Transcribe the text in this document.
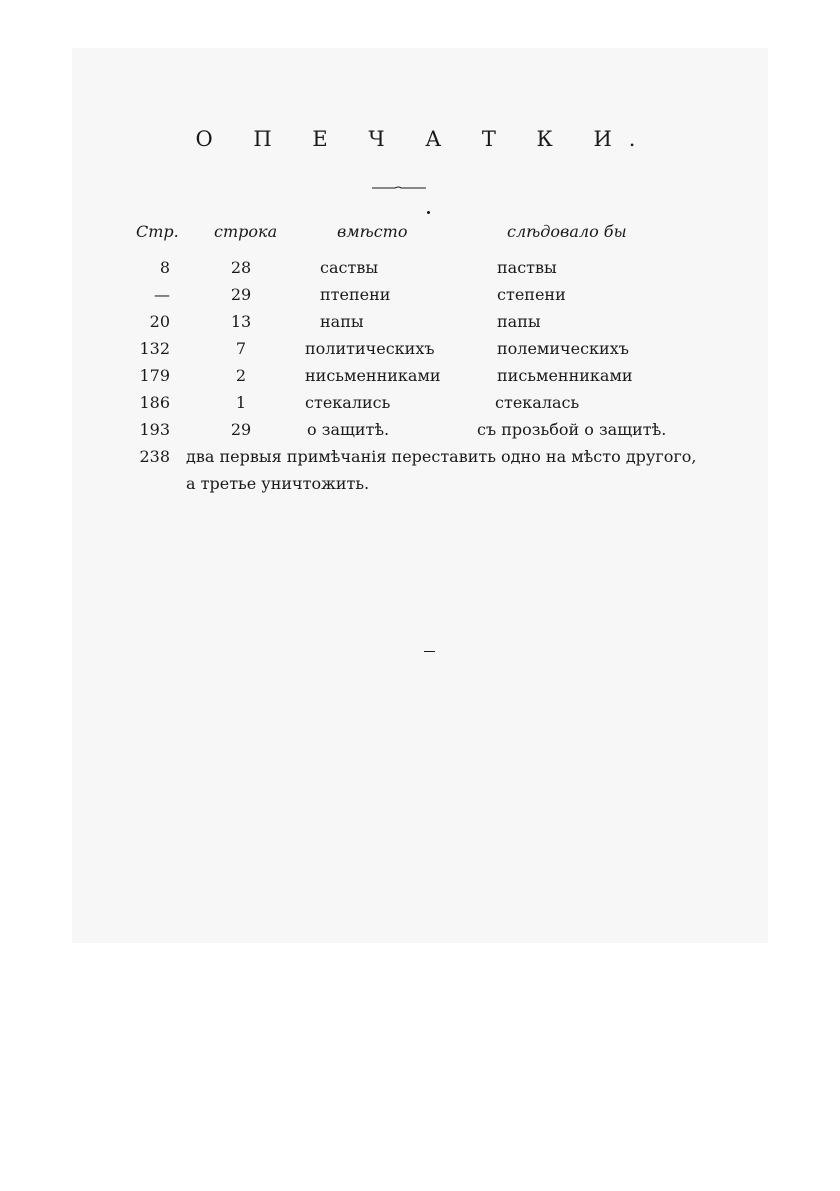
О П Е Ч А Т К И.
Стр. строка	вмѣсто	слѣдовало бы
8	28	саствы	паствы
—	29	птепени	степени
20	13	напы	папы
132	7	политическихъ	полемическихъ
179	2	нисьменниками	письменниками
186	1	стекались	стекалась
193	29	о защитѣ.	съ прозьбой о защитѣ.
238 два первыя примѣчанія переставить одно на мѣсто другого,
а третье уничтожить.
